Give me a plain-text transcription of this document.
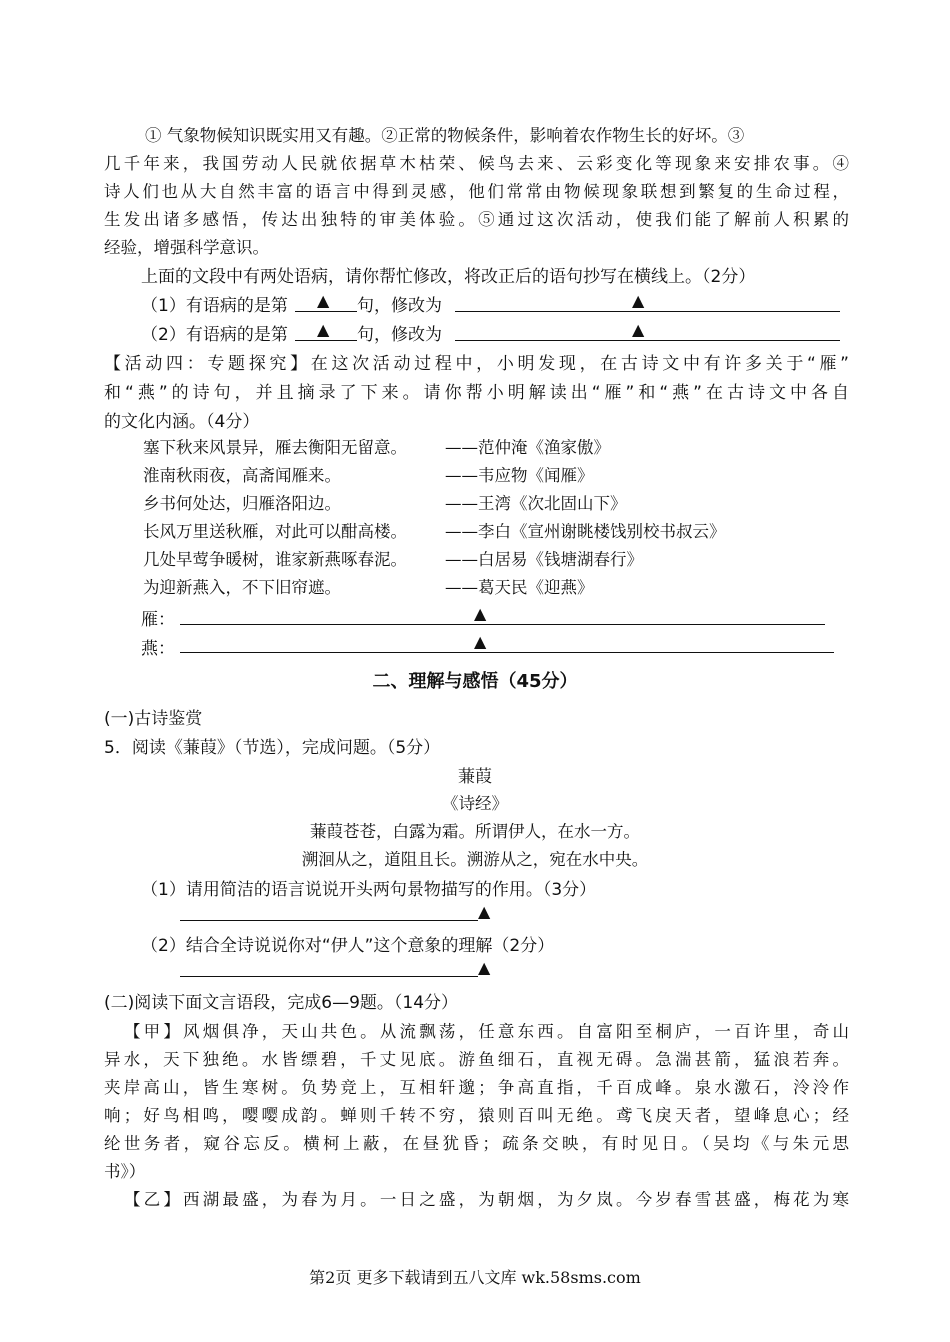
① 气象物候知识既实用又有趣。②正常的物候条件，影响着农作物生长的好坏。③
几千年来，我国劳动人民就依据草木枯荣、候鸟去来、云彩变化等现象来安排农事。④
诗人们也从大自然丰富的语言中得到灵感，他们常常由物候现象联想到繁复的生命过程，
生发出诸多感悟，传达出独特的审美体验。⑤通过这次活动，使我们能了解前人积累的
经验，增强科学意识。
上面的文段中有两处语病，请你帮忙修改，将改正后的语句抄写在横线上。（2分）
（1）有语病的是第 ▲ 句，修改为	▲
（2）有语病的是第 ▲ 句，修改为	▲
【活动四：专题探究】在这次活动过程中，小明发现，在古诗文中有许多关于“雁”
和“燕”的诗句，并且摘录了下来。请你帮小明解读出“雁”和“燕”在古诗文中各自
的文化内涵。（4分）
塞下秋来风景异，雁去衡阳无留意。 ——范仲淹《渔家傲》
淮南秋雨夜，高斋闻雁来。	——韦应物《闻雁》
乡书何处达，归雁洛阳边。	——王湾《次北固山下》
长风万里送秋雁，对此可以酣高楼。 ——李白《宣州谢眺楼饯别校书叔云》
几处早莺争暖树，谁家新燕啄春泥。 ——白居易《钱塘湖春行》
为迎新燕入，不下旧帘遮。	——葛天民《迎燕》
雁：	▲
燕：	▲
二、理解与感悟（45分）
(一)古诗鉴赏
5．阅读《蒹葭》（节选），完成问题。（5分）
蒹葭
《诗经》
蒹葭苍苍，白露为霜。所谓伊人，在水一方。
溯洄从之，道阻且长。溯游从之，宛在水中央。
（1）请用简洁的语言说说开头两句景物描写的作用。（3分）
▲
（2）结合全诗说说你对“伊人”这个意象的理解（2分）
▲
(二)阅读下面文言语段，完成6—9题。（14分）
【甲】风烟俱净，天山共色。从流飘荡，任意东西。自富阳至桐庐，一百许里，奇山
异水，天下独绝。水皆缥碧，千丈见底。游鱼细石，直视无碍。急湍甚箭，猛浪若奔。
夹岸高山，皆生寒树。负势竞上，互相轩邈；争高直指，千百成峰。泉水激石，泠泠作
响；好鸟相鸣，嘤嘤成韵。蝉则千转不穷，猿则百叫无绝。鸢飞戾天者，望峰息心；经
纶世务者，窥谷忘反。横柯上蔽，在昼犹昏；疏条交映，有时见日。（吴均《与朱元思
书》）
【乙】西湖最盛，为春为月。一日之盛，为朝烟，为夕岚。今岁春雪甚盛，梅花为寒
第2页 更多下载请到五八文库 wk.58sms.com
